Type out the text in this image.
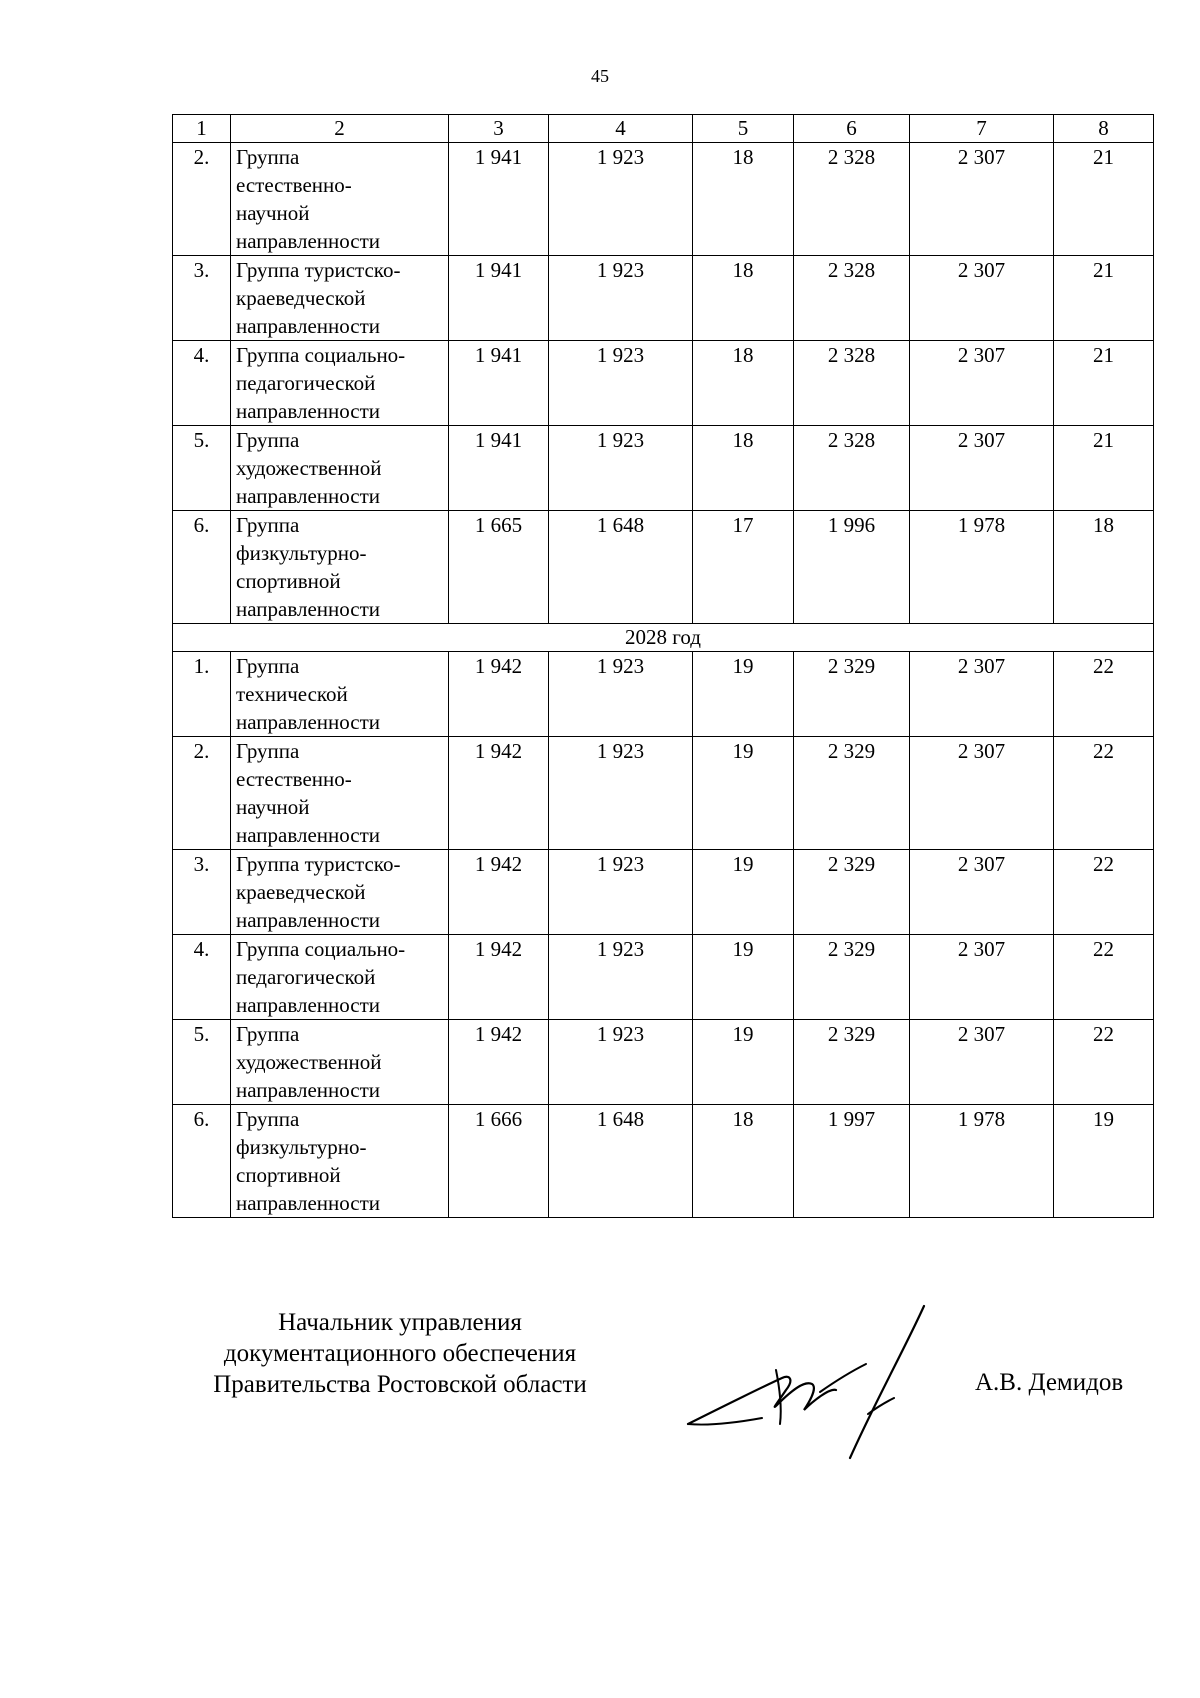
45
1	2	3	4	5	6	7	8
2.	Группа
естественно-
научной
направленности	1 941	1 923	18	2 328	2 307	21
3.	Группа туристско-
краеведческой
направленности	1 941	1 923	18	2 328	2 307	21
4.	Группа социально-
педагогической
направленности	1 941	1 923	18	2 328	2 307	21
5.	Группа
художественной
направленности	1 941	1 923	18	2 328	2 307	21
6.	Группа
физкультурно-
спортивной
направленности	1 665	1 648	17	1 996	1 978	18
2028 год							
1.	Группа
технической
направленности	1 942	1 923	19	2 329	2 307	22
2.	Группа
естественно-
научной
направленности	1 942	1 923	19	2 329	2 307	22
3.	Группа туристско-
краеведческой
направленности	1 942	1 923	19	2 329	2 307	22
4.	Группа социально-
педагогической
направленности	1 942	1 923	19	2 329	2 307	22
5.	Группа
художественной
направленности	1 942	1 923	19	2 329	2 307	22
6.	Группа
физкультурно-
спортивной
направленности	1 666	1 648	18	1 997	1 978	19
Начальник управления
документационного обеспечения
Правительства Ростовской области	А.В. Демидов
